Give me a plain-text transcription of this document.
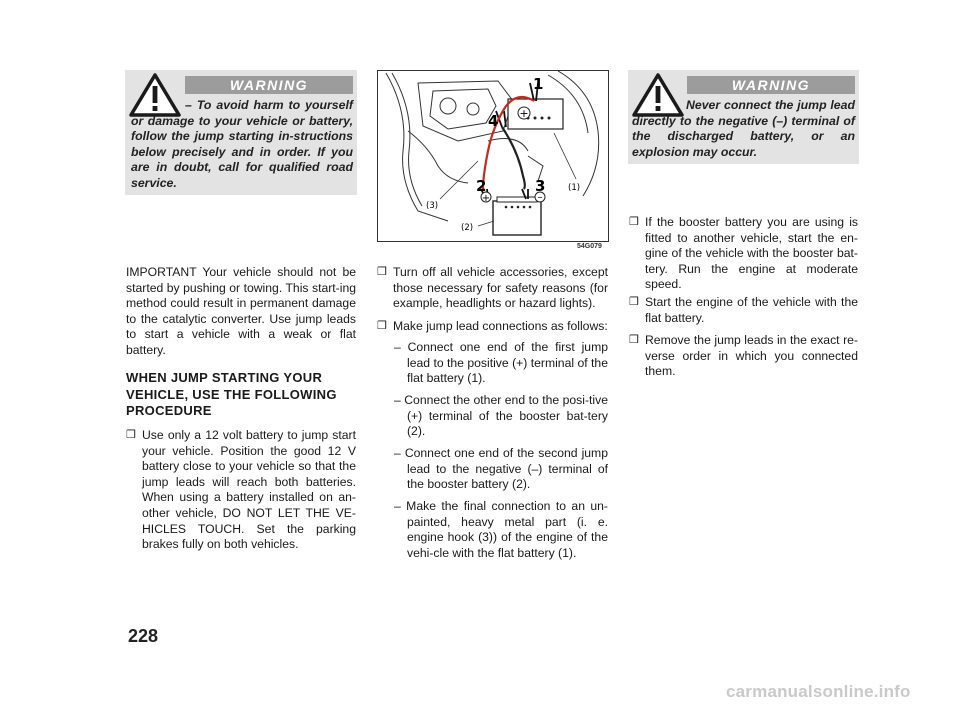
WARNING
– To avoid harm to yourself or damage to your vehicle or battery, follow the jump starting in-structions below precisely and in order. If you are in doubt, call for qualified road service.
+
1
4
+	–
2	3	(1)
(3)
(2)
54G079
WARNING
Never connect the jump lead directly to the negative (–) terminal of the discharged battery, or an explosion may occur.
IMPORTANT Your vehicle should not be started by pushing or towing. This start-ing method could result in permanent damage to the catalytic converter. Use jump leads to start a vehicle with a weak or flat battery.
WHEN JUMP STARTING YOUR VEHICLE, USE THE FOLLOWING PROCEDURE
❒ Use only a 12 volt battery to jump start your vehicle. Position the good 12 V battery close to your vehicle so that the jump leads will reach both batteries. When using a battery installed on an-other vehicle, DO NOT LET THE VE-HICLES TOUCH. Set the parking brakes fully on both vehicles.
❒ Turn off all vehicle accessories, except those necessary for safety reasons (for example, headlights or hazard lights).
❒ Make jump lead connections as follows:
– Connect one end of the first jump lead to the positive (+) terminal of the flat battery (1).
– Connect the other end to the posi-tive (+) terminal of the booster bat-tery (2).
– Connect one end of the second jump lead to the negative (–) terminal of the booster battery (2).
– Make the final connection to an un-painted, heavy metal part (i. e. engine hook (3)) of the engine of the vehi-cle with the flat battery (1).
❒ If the booster battery you are using is fitted to another vehicle, start the en-gine of the vehicle with the booster bat-tery. Run the engine at moderate speed.
❒ Start the engine of the vehicle with the flat battery.
❒ Remove the jump leads in the exact re-verse order in which you connected them.
228
carmanualsonline.info
